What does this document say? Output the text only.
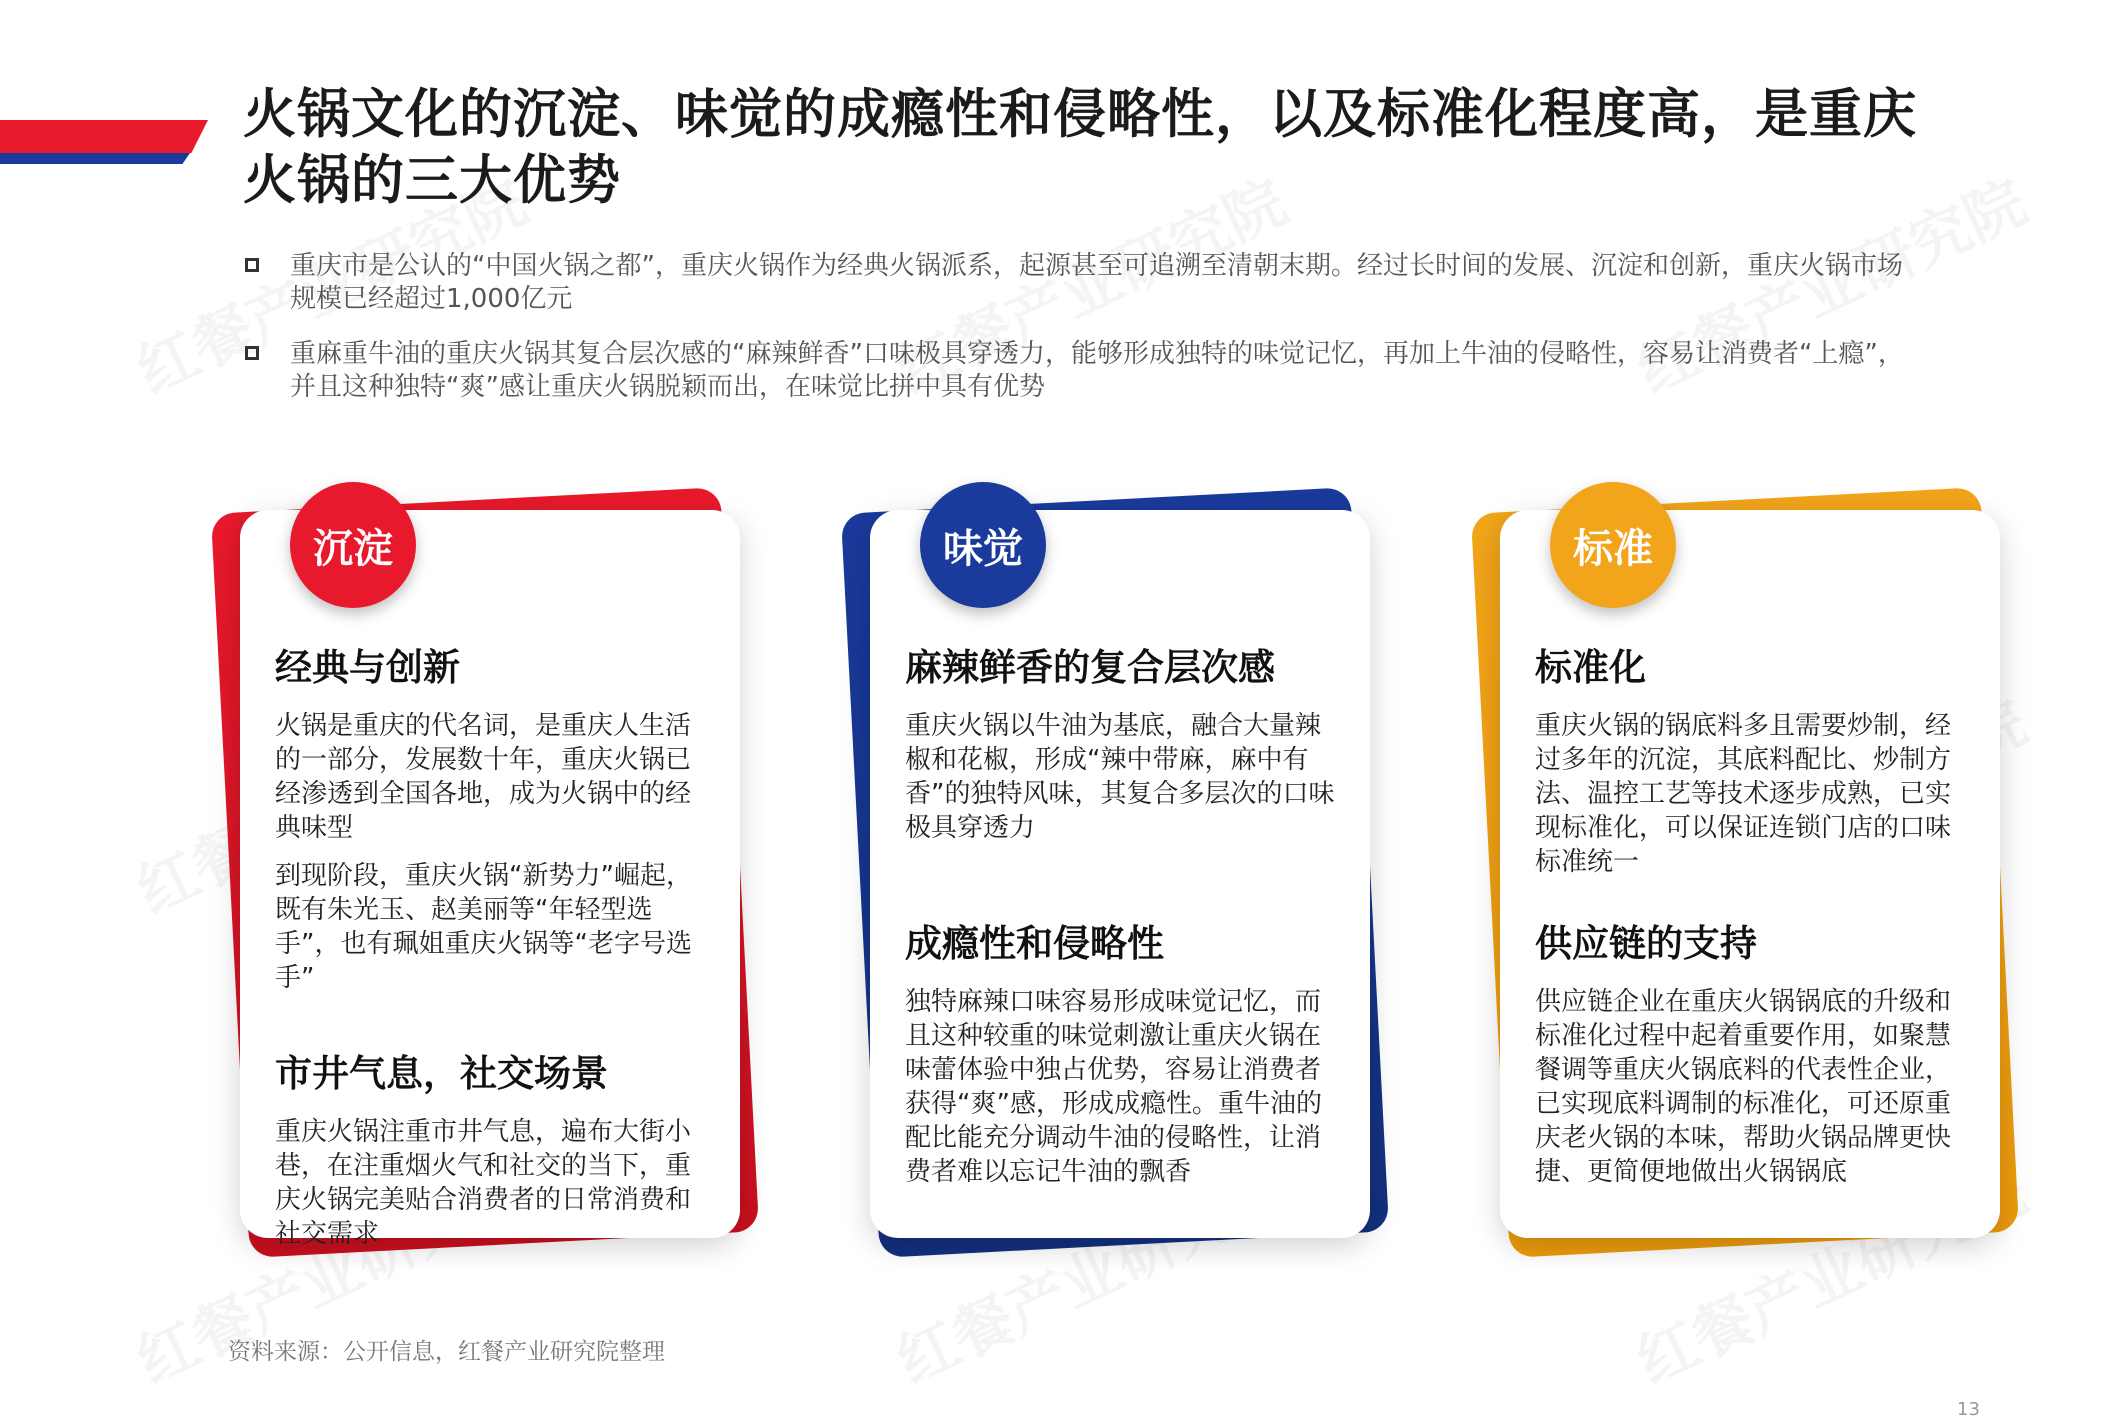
火锅文化的沉淀、味觉的成瘾性和侵略性，以及标准化程度高，是重庆火锅的三大优势
重庆市是公认的“中国火锅之都”，重庆火锅作为经典火锅派系，起源甚至可追溯至清朝末期。经过长时间的发展、沉淀和创新，重庆火锅市场规模已经超过1,000亿元
重麻重牛油的重庆火锅其复合层次感的“麻辣鲜香”口味极具穿透力，能够形成独特的味觉记忆，再加上牛油的侵略性，容易让消费者“上瘾”，并且这种独特“爽”感让重庆火锅脱颖而出，在味觉比拼中具有优势
沉淀
经典与创新
火锅是重庆的代名词，是重庆人生活的一部分，发展数十年，重庆火锅已经渗透到全国各地，成为火锅中的经典味型
到现阶段，重庆火锅“新势力”崛起，既有朱光玉、赵美丽等“年轻型选手”，也有珮姐重庆火锅等“老字号选手”
市井气息，社交场景
重庆火锅注重市井气息，遍布大街小巷，在注重烟火气和社交的当下，重庆火锅完美贴合消费者的日常消费和社交需求
味觉
麻辣鲜香的复合层次感
重庆火锅以牛油为基底，融合大量辣椒和花椒，形成“辣中带麻，麻中有香”的独特风味，其复合多层次的口味极具穿透力
成瘾性和侵略性
独特麻辣口味容易形成味觉记忆，而且这种较重的味觉刺激让重庆火锅在味蕾体验中独占优势，容易让消费者获得“爽”感，形成成瘾性。重牛油的配比能充分调动牛油的侵略性，让消费者难以忘记牛油的飘香
标准
标准化
重庆火锅的锅底料多且需要炒制，经过多年的沉淀，其底料配比、炒制方法、温控工艺等技术逐步成熟，已实现标准化，可以保证连锁门店的口味标准统一
供应链的支持
供应链企业在重庆火锅锅底的升级和标准化过程中起着重要作用，如聚慧餐调等重庆火锅底料的代表性企业，已实现底料调制的标准化，可还原重庆老火锅的本味，帮助火锅品牌更快捷、更简便地做出火锅锅底
资料来源：公开信息，红餐产业研究院整理
13
